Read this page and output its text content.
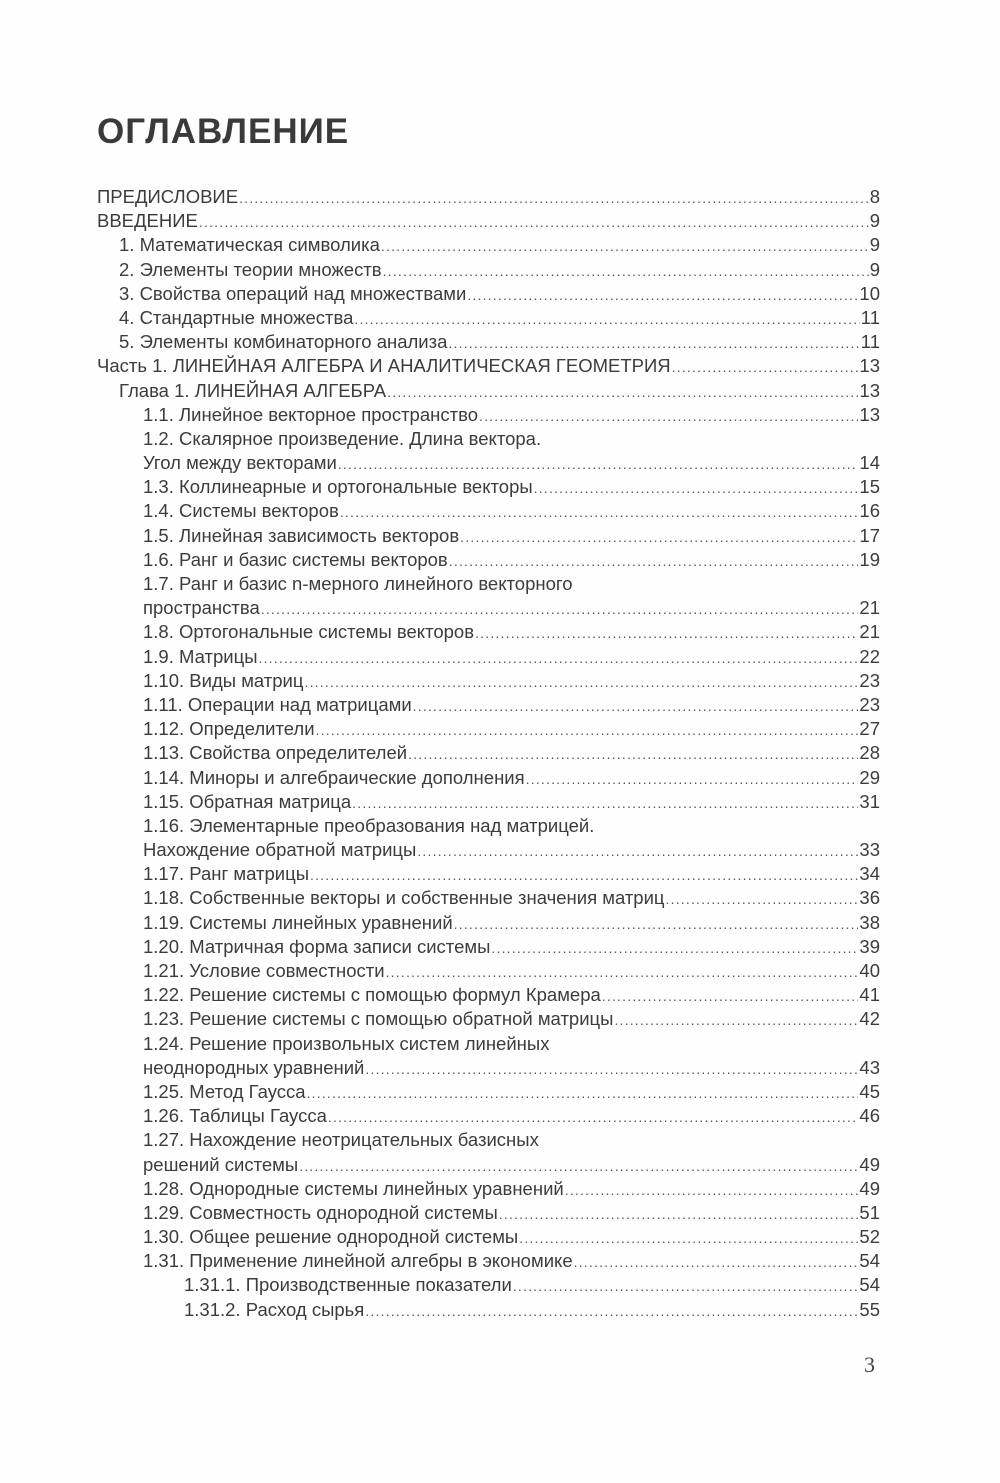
ОГЛАВЛЕНИЕ
ПРЕДИСЛОВИЕ .....	8
ВВЕДЕНИЕ .....	9
1. Математическая символика .....	9
2. Элементы теории множеств .....	9
3. Свойства операций над множествами .....	10
4. Стандартные множества .....	11
5. Элементы комбинаторного анализа .....	11
Часть 1. ЛИНЕЙНАЯ АЛГЕБРА И АНАЛИТИЧЕСКАЯ ГЕОМЕТРИЯ .....	13
Глава 1. ЛИНЕЙНАЯ АЛГЕБРА .....	13
1.1. Линейное векторное пространство .....	13
1.2. Скалярное произведение. Длина вектора.
Угол между векторами .....	14
1.3. Коллинеарные и ортогональные векторы .....	15
1.4. Системы векторов .....	16
1.5. Линейная зависимость векторов .....	17
1.6. Ранг и базис системы векторов .....	19
1.7. Ранг и базис n-мерного линейного векторного
пространства .....	21
1.8. Ортогональные системы векторов .....	21
1.9. Матрицы .....	22
1.10. Виды матриц .....	23
1.11. Операции над матрицами .....	23
1.12. Определители .....	27
1.13. Свойства определителей .....	28
1.14. Миноры и алгебраические дополнения .....	29
1.15. Обратная матрица .....	31
1.16. Элементарные преобразования над матрицей.
Нахождение обратной матрицы .....	33
1.17. Ранг матрицы .....	34
1.18. Собственные векторы и собственные значения матриц .....	36
1.19. Системы линейных уравнений .....	38
1.20. Матричная форма записи системы .....	39
1.21. Условие совместности .....	40
1.22. Решение системы с помощью формул Крамера .....	41
1.23. Решение системы с помощью обратной матрицы .....	42
1.24. Решение произвольных систем линейных
неоднородных уравнений .....	43
1.25. Метод Гаусса .....	45
1.26. Таблицы Гаусса .....	46
1.27. Нахождение неотрицательных базисных
решений системы .....	49
1.28. Однородные системы линейных уравнений .....	49
1.29. Совместность однородной системы .....	51
1.30. Общее решение однородной системы .....	52
1.31. Применение линейной алгебры в экономике .....	54
1.31.1. Производственные показатели .....	54
1.31.2. Расход сырья .....	55
3
